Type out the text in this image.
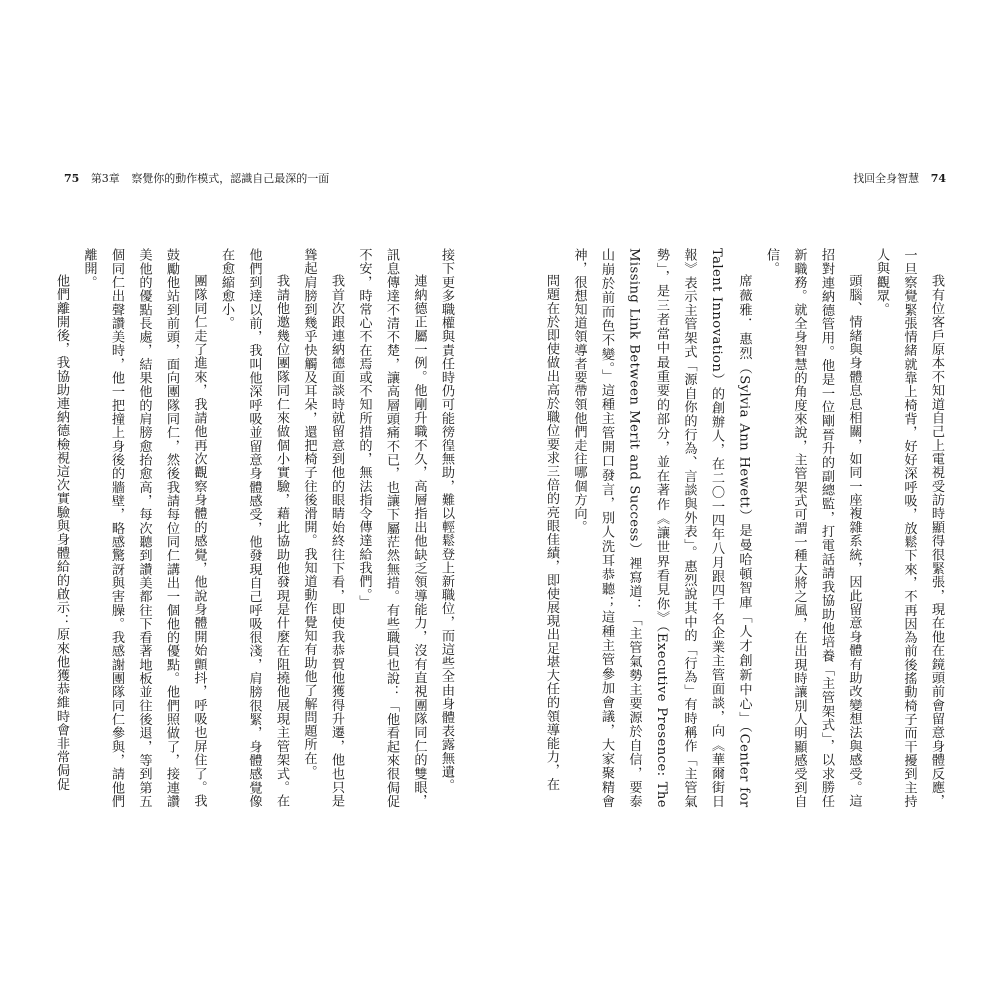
75 第3章 察覺你的動作模式，認識自己最深的一面

接下更多職權與責任時仍可能徬徨無助，難以輕鬆登上新職位，而這些全由身體表露無遺。

連納德正屬一例。他剛升職不久，高層指出他缺乏領導能力，沒有直視團隊同仁的雙眼，訊息傳達不清不楚，讓高層頭痛不已，也讓下屬茫然無措。有些職員也說：「他看起來很侷促不安，時常心不在焉或不知所措的，無法指令傳達給我們。」

我首次跟連納德面談時就留意到他的眼睛始終往下看，即使我恭賀他獲得升遷，他也只是聳起肩膀到幾乎快觸及耳朵，還把椅子往後滑開。我知道動作覺知有助他了解問題所在。

我請他邀幾位團隊同仁來做個小實驗，藉此協助他發現是什麼在阻撓他展現主管架式。在他們到達以前，我叫他深呼吸並留意身體感受，他發現自己呼吸很淺，肩膀很緊，身體感覺像在愈縮愈小。

團隊同仁走了進來，我請他再次觀察身體的感覺，他說身體開始顫抖，呼吸也屏住了。我鼓勵他站到前頭，面向團隊同仁，然後我請每位同仁講出一個他的優點。他們照做了，接連讚美他的優點長處，結果他的肩膀愈抬愈高，每次聽到讚美都往下看著地板並往後退，等到第五個同仁出聲讚美時，他一把撞上身後的牆壁，略感驚訝與害臊。我感謝團隊同仁參與，請他們離開。

他們離開後，我協助連納德檢視這次實驗與身體給的啟示：原來他獲恭維時會非常侷促

找回全身智慧 74

我有位客戶原本不知道自己上電視受訪時顯得很緊張，現在他在鏡頭前會留意身體反應，一旦察覺緊張情緒就靠上椅背，好好深呼吸，放鬆下來，不再因為前後搖動椅子而干擾到主持人與觀眾。

頭腦、情緒與身體息息相關，如同一座複雜系統，因此留意身體有助改變想法與感受。這招對連納德管用。他是一位剛晉升的副總監，打電話請我協助他培養「主管架式」，以求勝任新職務。就全身智慧的角度來說，主管架式可謂一種大將之風，在出現時讓別人明顯感受到自信。

席薇雅．惠烈（Sylvia Ann Hewett）是曼哈頓智庫「人才創新中心」（Center for Talent Innovation）的創辦人，在二〇一四年八月跟四千名企業主管面談，向《華爾街日報》表示主管架式「源自你的行為、言談與外表」。惠烈說其中的「行為」有時稱作「主管氣勢」，是三者當中最重要的部分，並在著作《讓世界看見你》（Executive Presence: The Missing Link Between Merit and Success）裡寫道：「主管氣勢主要源於自信，要泰山崩於前而色不變。」這種主管開口發言，別人洗耳恭聽；這種主管參加會議，大家聚精會神，很想知道領導者要帶領他們走往哪個方向。

問題在於即使做出高於職位要求三倍的亮眼佳績，即使展現出足堪大任的領導能力，在
